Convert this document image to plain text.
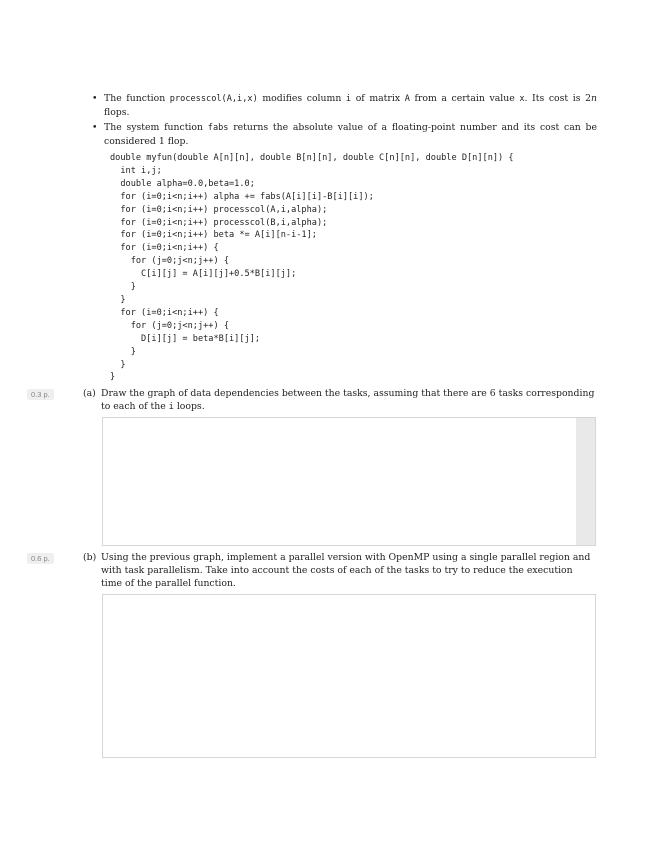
• The function processcol(A,i,x) modifies column i of matrix A from a certain value x. Its cost is 2n flops.
• The system function fabs returns the absolute value of a floating-point number and its cost can be considered 1 flop.
double myfun(double A[n][n], double B[n][n], double C[n][n], double D[n][n]) {
int i,j;
double alpha=0.0,beta=1.0;
for (i=0;i<n;i++) alpha += fabs(A[i][i]-B[i][i]);
for (i=0;i<n;i++) processcol(A,i,alpha);
for (i=0;i<n;i++) processcol(B,i,alpha);
for (i=0;i<n;i++) beta *= A[i][n-i-1];
for (i=0;i<n;i++) {
for (j=0;j<n;j++) {
C[i][j] = A[i][j]+0.5*B[i][j];
}
}
for (i=0;i<n;i++) {
for (j=0;j<n;j++) {
D[i][j] = beta*B[i][j];
}
}
}
0.3 p.	(a) Draw the graph of data dependencies between the tasks, assuming that there are 6 tasks corresponding to each of the i loops.
0.6 p.	(b) Using the previous graph, implement a parallel version with OpenMP using a single parallel region and with task parallelism. Take into account the costs of each of the tasks to try to reduce the execution time of the parallel function.
